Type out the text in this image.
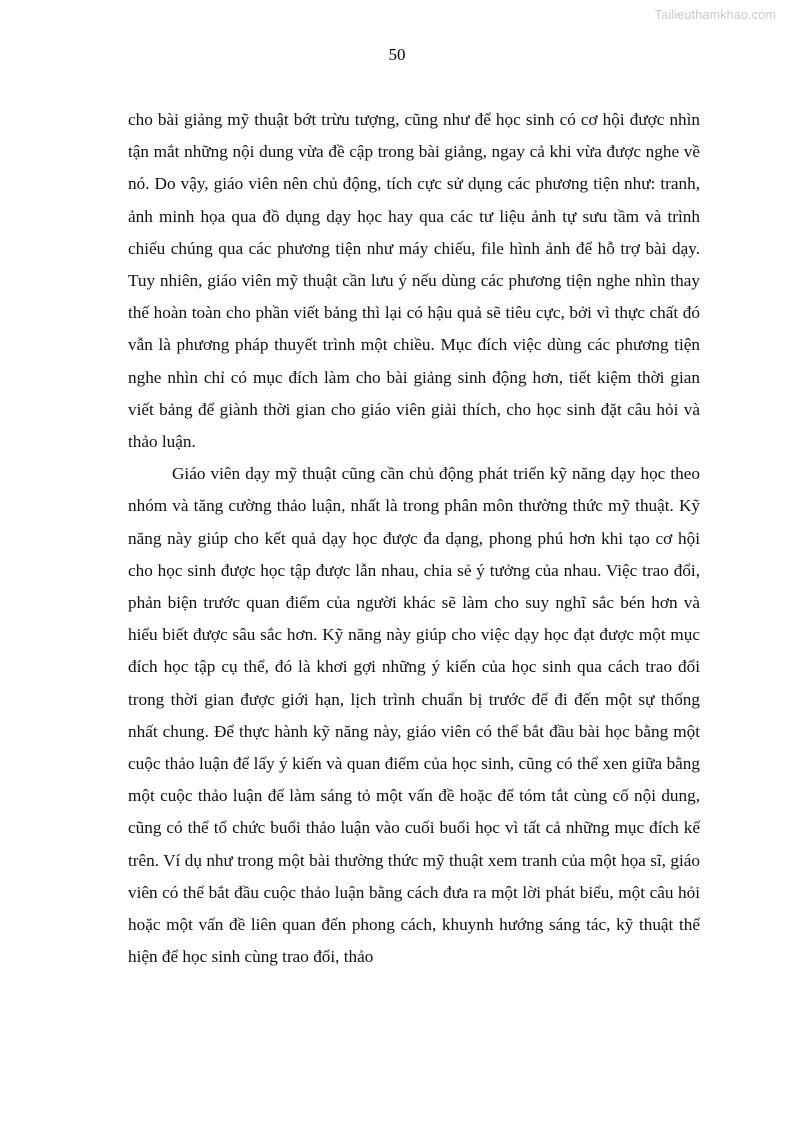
Tailieuthamkhao.com
50

cho bài giảng mỹ thuật bớt trừu tượng, cũng như để học sinh có cơ hội được nhìn tận mắt những nội dung vừa đề cập trong bài giảng, ngay cả khi vừa được nghe về nó. Do vậy, giáo viên nên chủ động, tích cực sử dụng các phương tiện như: tranh, ảnh minh họa qua đồ dụng dạy học hay qua các tư liệu ảnh tự sưu tầm và trình chiếu chúng qua các phương tiện như máy chiếu, file hình ảnh để hỗ trợ bài dạy. Tuy nhiên, giáo viên mỹ thuật cần lưu ý nếu dùng các phương tiện nghe nhìn thay thế hoàn toàn cho phần viết bảng thì lại có hậu quả sẽ tiêu cực, bởi vì thực chất đó vẫn là phương pháp thuyết trình một chiều. Mục đích việc dùng các phương tiện nghe nhìn chỉ có mục đích làm cho bài giảng sinh động hơn, tiết kiệm thời gian viết bảng để giành thời gian cho giáo viên giải thích, cho học sinh đặt câu hỏi và thảo luận.

Giáo viên dạy mỹ thuật cũng cần chủ động phát triển kỹ năng dạy học theo nhóm và tăng cường thảo luận, nhất là trong phân môn thường thức mỹ thuật. Kỹ năng này giúp cho kết quả dạy học được đa dạng, phong phú hơn khi tạo cơ hội cho học sinh được học tập được lẫn nhau, chia sẻ ý tưởng của nhau. Việc trao đổi, phản biện trước quan điểm của người khác sẽ làm cho suy nghĩ sắc bén hơn và hiểu biết được sâu sắc hơn. Kỹ năng này giúp cho việc dạy học đạt được một mục đích học tập cụ thể, đó là khơi gợi những ý kiến của học sinh qua cách trao đổi trong thời gian được giới hạn, lịch trình chuẩn bị trước để đi đến một sự thống nhất chung. Để thực hành kỹ năng này, giáo viên có thể bắt đầu bài học bằng một cuộc thảo luận để lấy ý kiến và quan điểm của học sinh, cũng có thể xen giữa bằng một cuộc thảo luận để làm sáng tỏ một vấn đề hoặc để tóm tắt cùng cố nội dung, cũng có thể tổ chức buổi thảo luận vào cuối buổi học vì tất cả những mục đích kể trên. Ví dụ như trong một bài thường thức mỹ thuật xem tranh của một họa sĩ, giáo viên có thể bắt đầu cuộc thảo luận bằng cách đưa ra một lời phát biểu, một câu hỏi hoặc một vấn đề liên quan đến phong cách, khuynh hướng sáng tác, kỹ thuật thể hiện để học sinh cùng trao đổi, thảo
